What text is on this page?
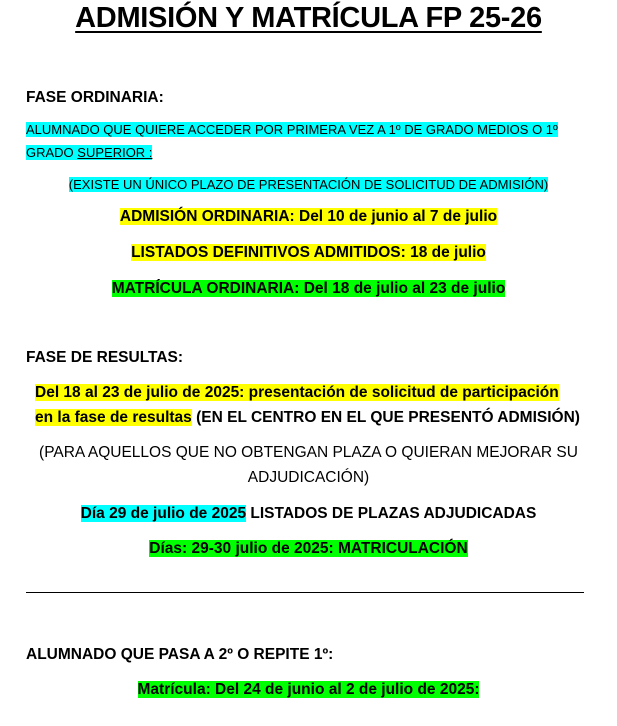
ADMISIÓN Y MATRÍCULA FP 25-26
FASE ORDINARIA:
ALUMNADO QUE QUIERE ACCEDER POR PRIMERA VEZ A 1º DE GRADO MEDIOS O 1º
GRADO SUPERIOR :
(EXISTE UN ÚNICO PLAZO DE PRESENTACIÓN DE SOLICITUD DE ADMISIÓN)
ADMISIÓN ORDINARIA: Del 10 de junio al 7 de julio
LISTADOS DEFINITIVOS ADMITIDOS: 18 de julio
MATRÍCULA ORDINARIA: Del 18 de julio al 23 de julio
FASE DE RESULTAS:
Del 18 al 23 de julio de 2025: presentación de solicitud de participación
en la fase de resultas (EN EL CENTRO EN EL QUE PRESENTÓ ADMISIÓN)
(PARA AQUELLOS QUE NO OBTENGAN PLAZA O QUIERAN MEJORAR SU
ADJUDICACIÓN)
Día 29 de julio de 2025 LISTADOS DE PLAZAS ADJUDICADAS
Días: 29-30 julio de 2025: MATRICULACIÓN
ALUMNADO QUE PASA A 2º O REPITE 1º:
Matrícula: Del 24 de junio al 2 de julio de 2025:
